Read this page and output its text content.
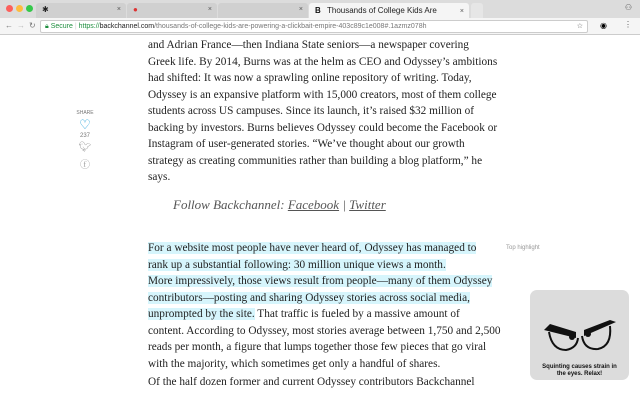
✱	× ●	×	× B Thousands of College Kids Are	×	⚇
← → ↻	🔒︎ Secure | https://backchannel.com/thousands-of-college-kids-are-powering-a-clickbait-empire-403c89c1e008#.1azmz078h	☆ ◉ ⋮
SHARE
♡
237
🐦︎
ⓕ
and Adrian France—then Indiana State seniors—a newspaper covering
Greek life. By 2014, Burns was at the helm as CEO and Odyssey’s ambitions
had shifted: It was now a sprawling online repository of writing. Today,
Odyssey is an expansive platform with 15,000 creators, most of them college
students across US campuses. Since its launch, it’s raised $32 million of
backing by investors. Burns believes Odyssey could become the Facebook or
Instagram of user-generated stories. “We’ve thought about our growth
strategy as creating communities rather than building a blog platform,” he
says.
Follow Backchannel: Facebook | Twitter
For a website most people have never heard of, Odyssey has managed to
rank up a substantial following: 30 million unique views a month.
More impressively, those views result from people—many of them Odyssey
contributors—posting and sharing Odyssey stories across social media,
unprompted by the site. That traffic is fueled by a massive amount of
content. According to Odyssey, most stories average between 1,750 and 2,500
reads per month, a figure that lumps together those few pieces that go viral
with the majority, which sometimes get only a handful of shares.
Of the half dozen former and current Odyssey contributors Backchannel
Top highlight
Squinting causes strain in
the eyes. Relax!
